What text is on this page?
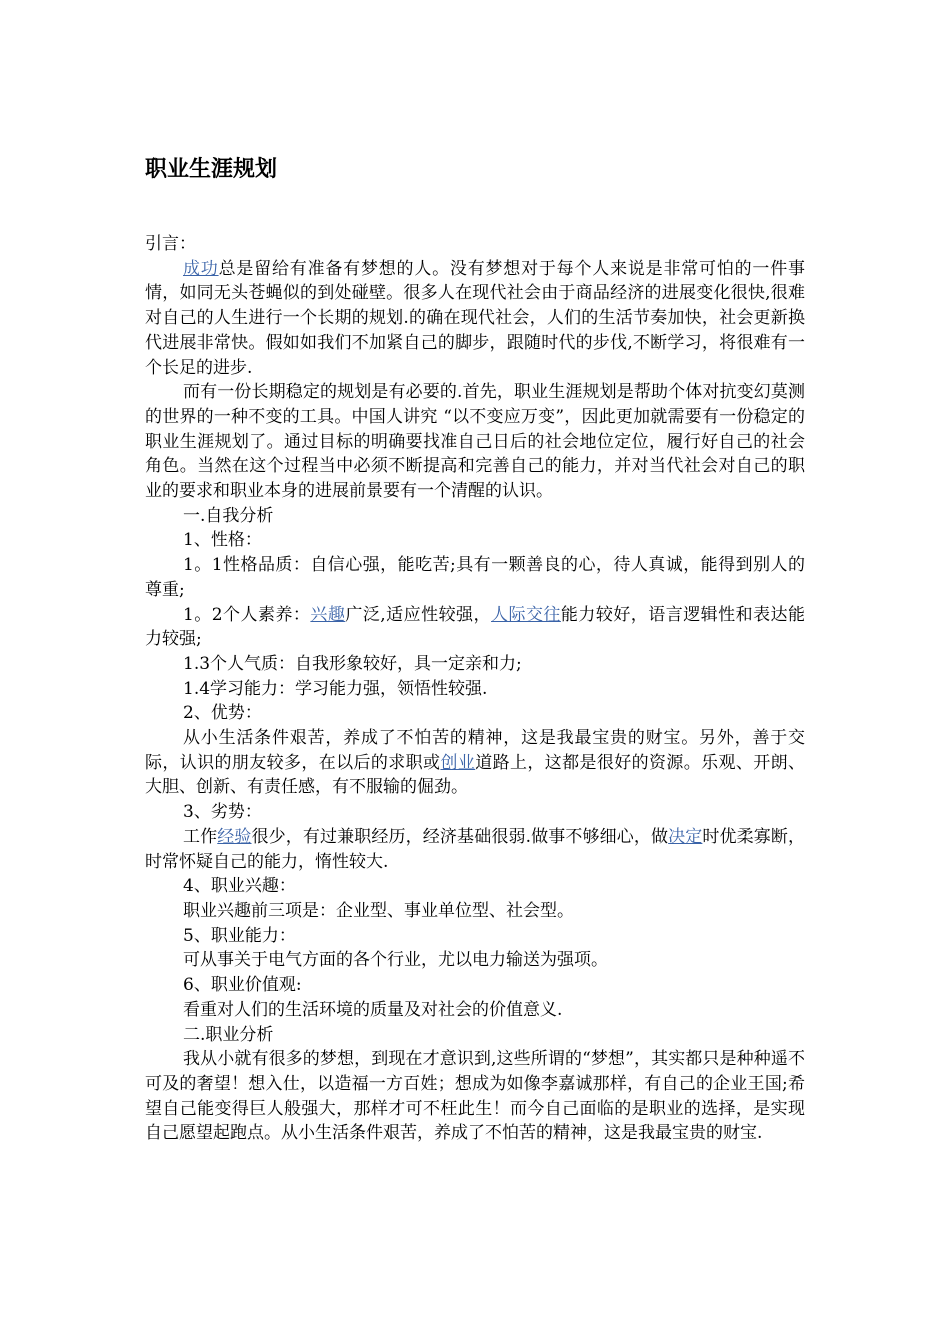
职业生涯规划

引言：

成功总是留给有准备有梦想的人。没有梦想对于每个人来说是非常可怕的一件事情，如同无头苍蝇似的到处碰壁。很多人在现代社会由于商品经济的进展变化很快,很难对自己的人生进行一个长期的规划.的确在现代社会，人们的生活节奏加快，社会更新换代进展非常快。假如如我们不加紧自己的脚步，跟随时代的步伐,不断学习，将很难有一个长足的进步.

而有一份长期稳定的规划是有必要的.首先，职业生涯规划是帮助个体对抗变幻莫测的世界的一种不变的工具。中国人讲究 “以不变应万变”，因此更加就需要有一份稳定的职业生涯规划了。通过目标的明确要找准自己日后的社会地位定位，履行好自己的社会角色。当然在这个过程当中必须不断提高和完善自己的能力，并对当代社会对自己的职业的要求和职业本身的进展前景要有一个清醒的认识。

一.自我分析

1、性格：

1。1性格品质：自信心强，能吃苦;具有一颗善良的心，待人真诚，能得到别人的尊重;

1。2个人素养：兴趣广泛,适应性较强，人际交往能力较好，语言逻辑性和表达能力较强;

1.3个人气质：自我形象较好，具一定亲和力;

1.4学习能力：学习能力强，领悟性较强.

2、优势：

从小生活条件艰苦，养成了不怕苦的精神，这是我最宝贵的财宝。另外，善于交际，认识的朋友较多，在以后的求职或创业道路上，这都是很好的资源。乐观、开朗、大胆、创新、有责任感，有不服输的倔劲。

3、劣势：

工作经验很少，有过兼职经历，经济基础很弱.做事不够细心，做决定时优柔寡断，时常怀疑自己的能力，惰性较大.

4、职业兴趣：

职业兴趣前三项是：企业型、事业单位型、社会型。

5、职业能力：

可从事关于电气方面的各个行业，尤以电力输送为强项。

6、职业价值观:

看重对人们的生活环境的质量及对社会的价值意义.

二.职业分析

我从小就有很多的梦想，到现在才意识到,这些所谓的“梦想”，其实都只是种种遥不可及的奢望！想入仕，以造福一方百姓；想成为如像李嘉诚那样，有自己的企业王国;希望自己能变得巨人般强大，那样才可不枉此生！而今自己面临的是职业的选择，是实现自己愿望起跑点。从小生活条件艰苦，养成了不怕苦的精神，这是我最宝贵的财宝.
